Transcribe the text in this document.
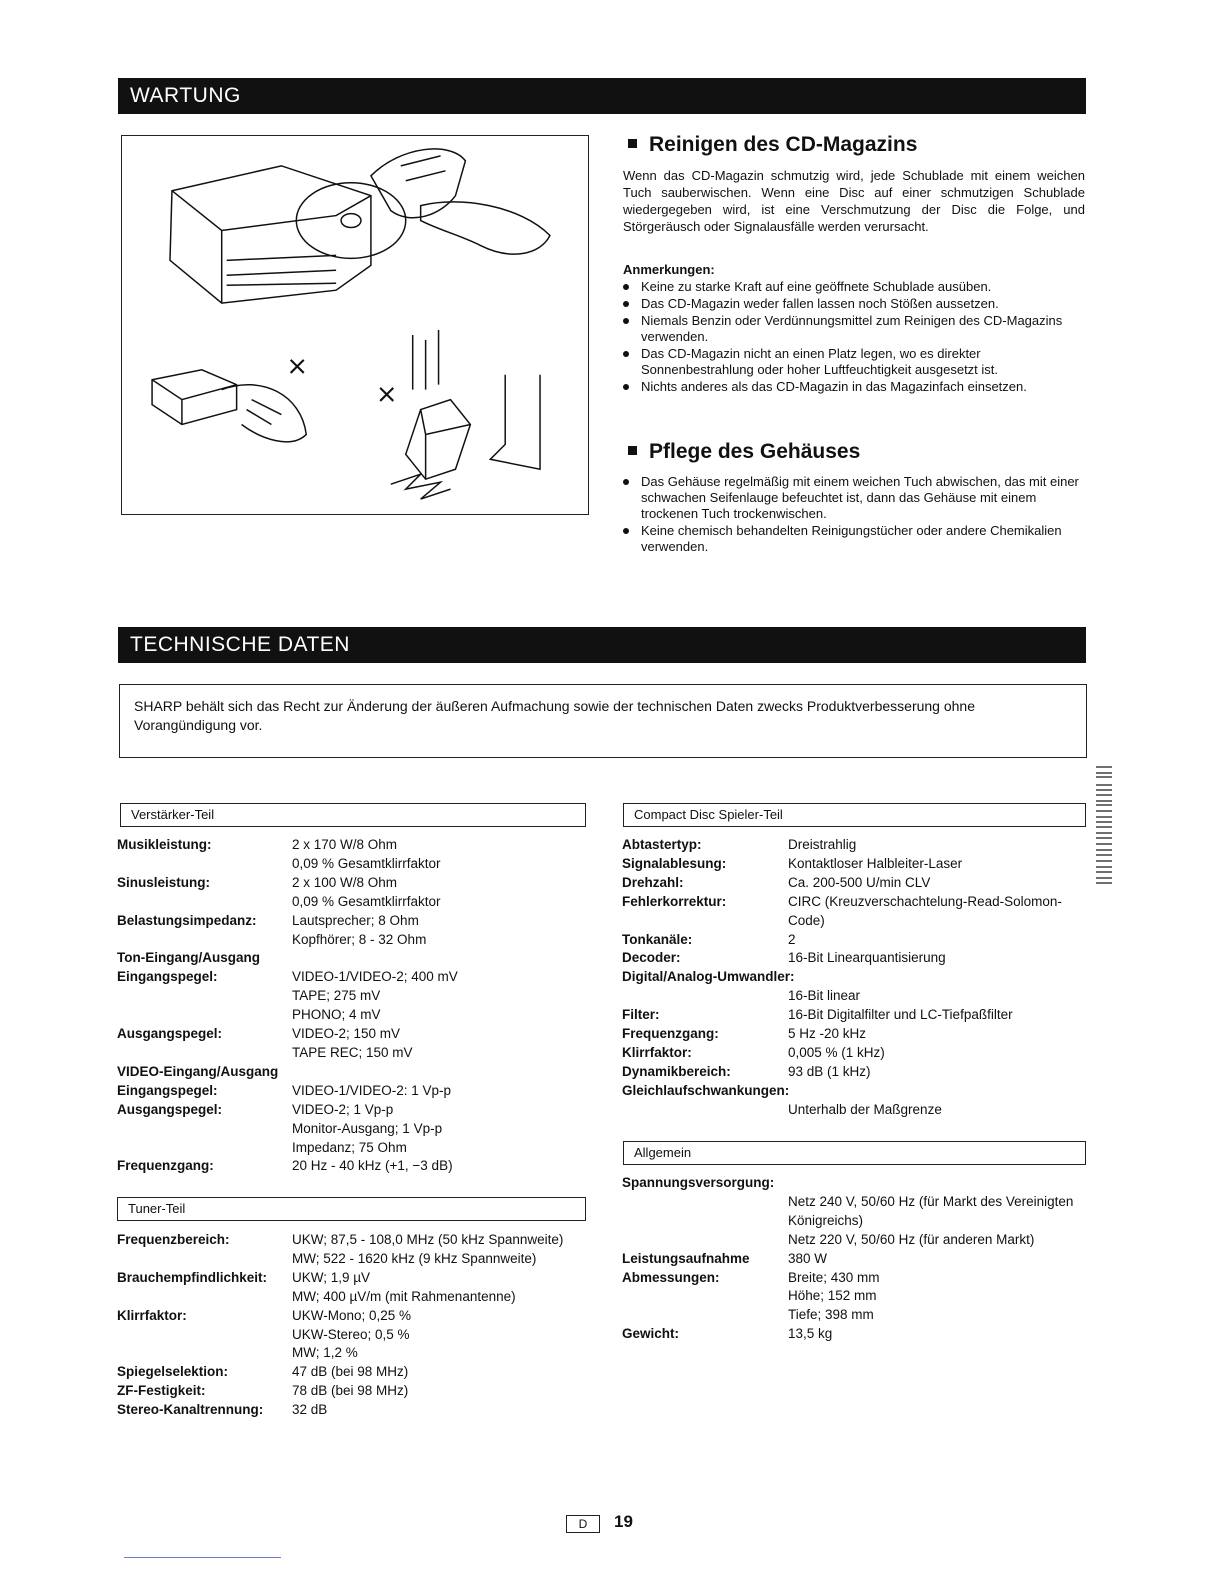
WARTUNG
×
×
Reinigen des CD-Magazins
Wenn das CD-Magazin schmutzig wird, jede Schublade mit einem weichen Tuch sauberwischen. Wenn eine Disc auf einer schmutzigen Schublade wiedergegeben wird, ist eine Verschmutzung der Disc die Folge, und Störgeräusch oder Signalausfälle werden verursacht.
Anmerkungen:
Keine zu starke Kraft auf eine geöffnete Schublade ausüben.
Das CD-Magazin weder fallen lassen noch Stößen aussetzen.
Niemals Benzin oder Verdünnungsmittel zum Reinigen des CD-Magazins verwenden.
Das CD-Magazin nicht an einen Platz legen, wo es direkter Sonnenbestrahlung oder hoher Luftfeuchtigkeit ausgesetzt ist.
Nichts anderes als das CD-Magazin in das Magazinfach einsetzen.
Pflege des Gehäuses
Das Gehäuse regelmäßig mit einem weichen Tuch abwischen, das mit einer schwachen Seifenlauge befeuchtet ist, dann das Gehäuse mit einem trockenen Tuch trockenwischen.
Keine chemisch behandelten Reinigungstücher oder andere Chemikalien verwenden.
TECHNISCHE DATEN
SHARP behält sich das Recht zur Änderung der äußeren Aufmachung sowie der technischen Daten zwecks Produktverbesserung ohne Vorangündigung vor.
Verstärker-Teil
Musikleistung:	2 x 170 W/8 Ohm
0,09 % Gesamtklirrfaktor
Sinusleistung:	2 x 100 W/8 Ohm
0,09 % Gesamtklirrfaktor
Belastungsimpedanz:	Lautsprecher; 8 Ohm
Kopfhörer; 8 - 32 Ohm
Ton-Eingang/Ausgang
Eingangspegel:	VIDEO-1/VIDEO-2; 400 mV
TAPE; 275 mV
PHONO; 4 mV
Ausgangspegel:	VIDEO-2; 150 mV
TAPE REC; 150 mV
VIDEO-Eingang/Ausgang
Eingangspegel:	VIDEO-1/VIDEO-2: 1 Vp-p
Ausgangspegel:	VIDEO-2; 1 Vp-p
Monitor-Ausgang; 1 Vp-p
Impedanz; 75 Ohm
Frequenzgang:	20 Hz - 40 kHz (+1, −3 dB)
Tuner-Teil
Frequenzbereich:	UKW; 87,5 - 108,0 MHz (50 kHz Spannweite)
MW; 522 - 1620 kHz (9 kHz Spannweite)
Brauchempfindlichkeit:	UKW; 1,9 µV
MW; 400 µV/m (mit Rahmenantenne)
Klirrfaktor:	UKW-Mono; 0,25 %
UKW-Stereo; 0,5 %
MW; 1,2 %
Spiegelselektion:	47 dB (bei 98 MHz)
ZF-Festigkeit:	78 dB (bei 98 MHz)
Stereo-Kanaltrennung:	32 dB
Compact Disc Spieler-Teil
Abtastertyp:	Dreistrahlig
Signalablesung:	Kontaktloser Halbleiter-Laser
Drehzahl:	Ca. 200-500 U/min CLV
Fehlerkorrektur:	CIRC (Kreuzverschachtelung-Read-Solomon-Code)
Tonkanäle:	2
Decoder:	16-Bit Linearquantisierung
Digital/Analog-Umwandler:
16-Bit linear
Filter:	16-Bit Digitalfilter und LC-Tiefpaßfilter
Frequenzgang:	5 Hz -20 kHz
Klirrfaktor:	0,005 % (1 kHz)
Dynamikbereich:	93 dB (1 kHz)
Gleichlaufschwankungen:
Unterhalb der Maßgrenze
Allgemein
Spannungsversorgung:
Netz 240 V, 50/60 Hz (für Markt des Vereinigten Königreichs)
Netz 220 V, 50/60 Hz (für anderen Markt)
Leistungsaufnahme	380 W
Abmessungen:	Breite; 430 mm
Höhe; 152 mm
Tiefe; 398 mm
Gewicht:	13,5 kg
D	19
